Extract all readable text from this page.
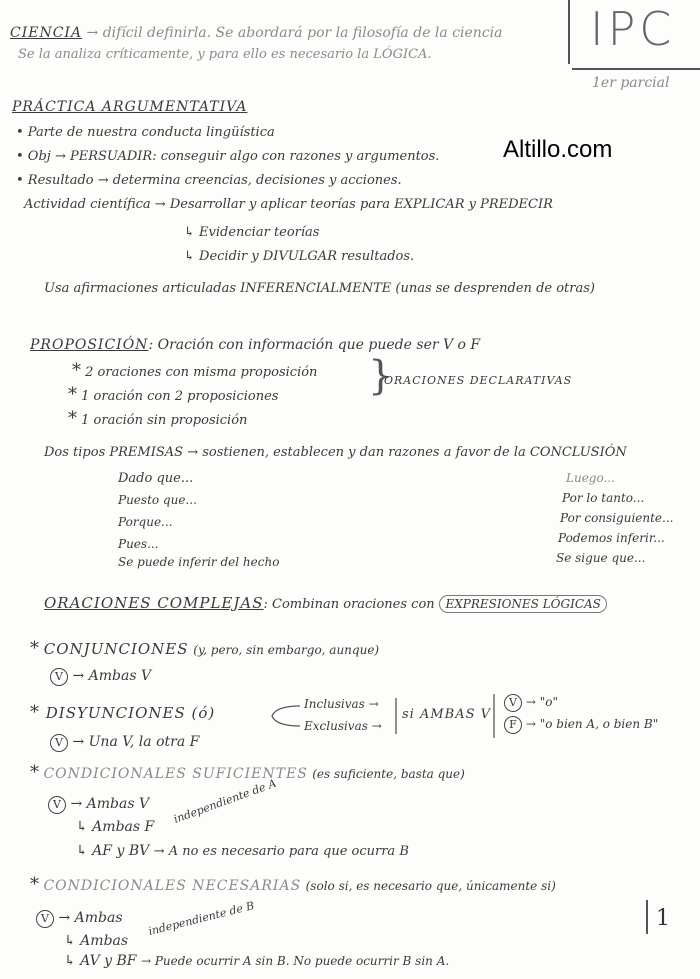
CIENCIA → difícil definirla. Se abordará por la filosofía de la ciencia
Se la analiza críticamente, y para ello es necesario la LÓGICA.	IPC
1er parcial
Altillo.com
PRÁCTICA ARGUMENTATIVA
• Parte de nuestra conducta lingüística
• Obj → PERSUADIR: conseguir algo con razones y argumentos.
• Resultado → determina creencias, decisiones y acciones.
Actividad científica → Desarrollar y aplicar teorías para EXPLICAR y PREDECIR
↳ Evidenciar teorías
↳ Decidir y DIVULGAR resultados.
Usa afirmaciones articuladas INFERENCIALMENTE (unas se desprenden de otras)
PROPOSICIÓN: Oración con información que puede ser V o F
* 2 oraciones con misma proposición
* 1 oración con 2 proposiciones
* 1 oración sin proposición
}
ORACIONES DECLARATIVAS
Dos tipos PREMISAS → sostienen, establecen y dan razones a favor de la CONCLUSIÓN
Dado que...
Puesto que...
Porque...
Pues...
Se puede inferir del hecho
Luego...
Por lo tanto...
Por consiguiente...
Podemos inferir...
Se sigue que...
ORACIONES COMPLEJAS: Combinan oraciones con EXPRESIONES LÓGICAS
* CONJUNCIONES (y, pero, sin embargo, aunque)
V → Ambas V
* DISYUNCIONES (ó)
V → Una V, la otra F
Inclusivas →
Exclusivas →
si AMBAS V
V → "o"
F → "o bien A, o bien B"
* CONDICIONALES SUFICIENTES (es suficiente, basta que)
V → Ambas V
↳ Ambas F
independiente de A
↳ AF y BV → A no es necesario para que ocurra B
* CONDICIONALES NECESARIAS (solo si, es necesario que, únicamente si)
V → Ambas
↳ Ambas
independiente de B
↳ AV y BF → Puede ocurrir A sin B. No puede ocurrir B sin A.
1
